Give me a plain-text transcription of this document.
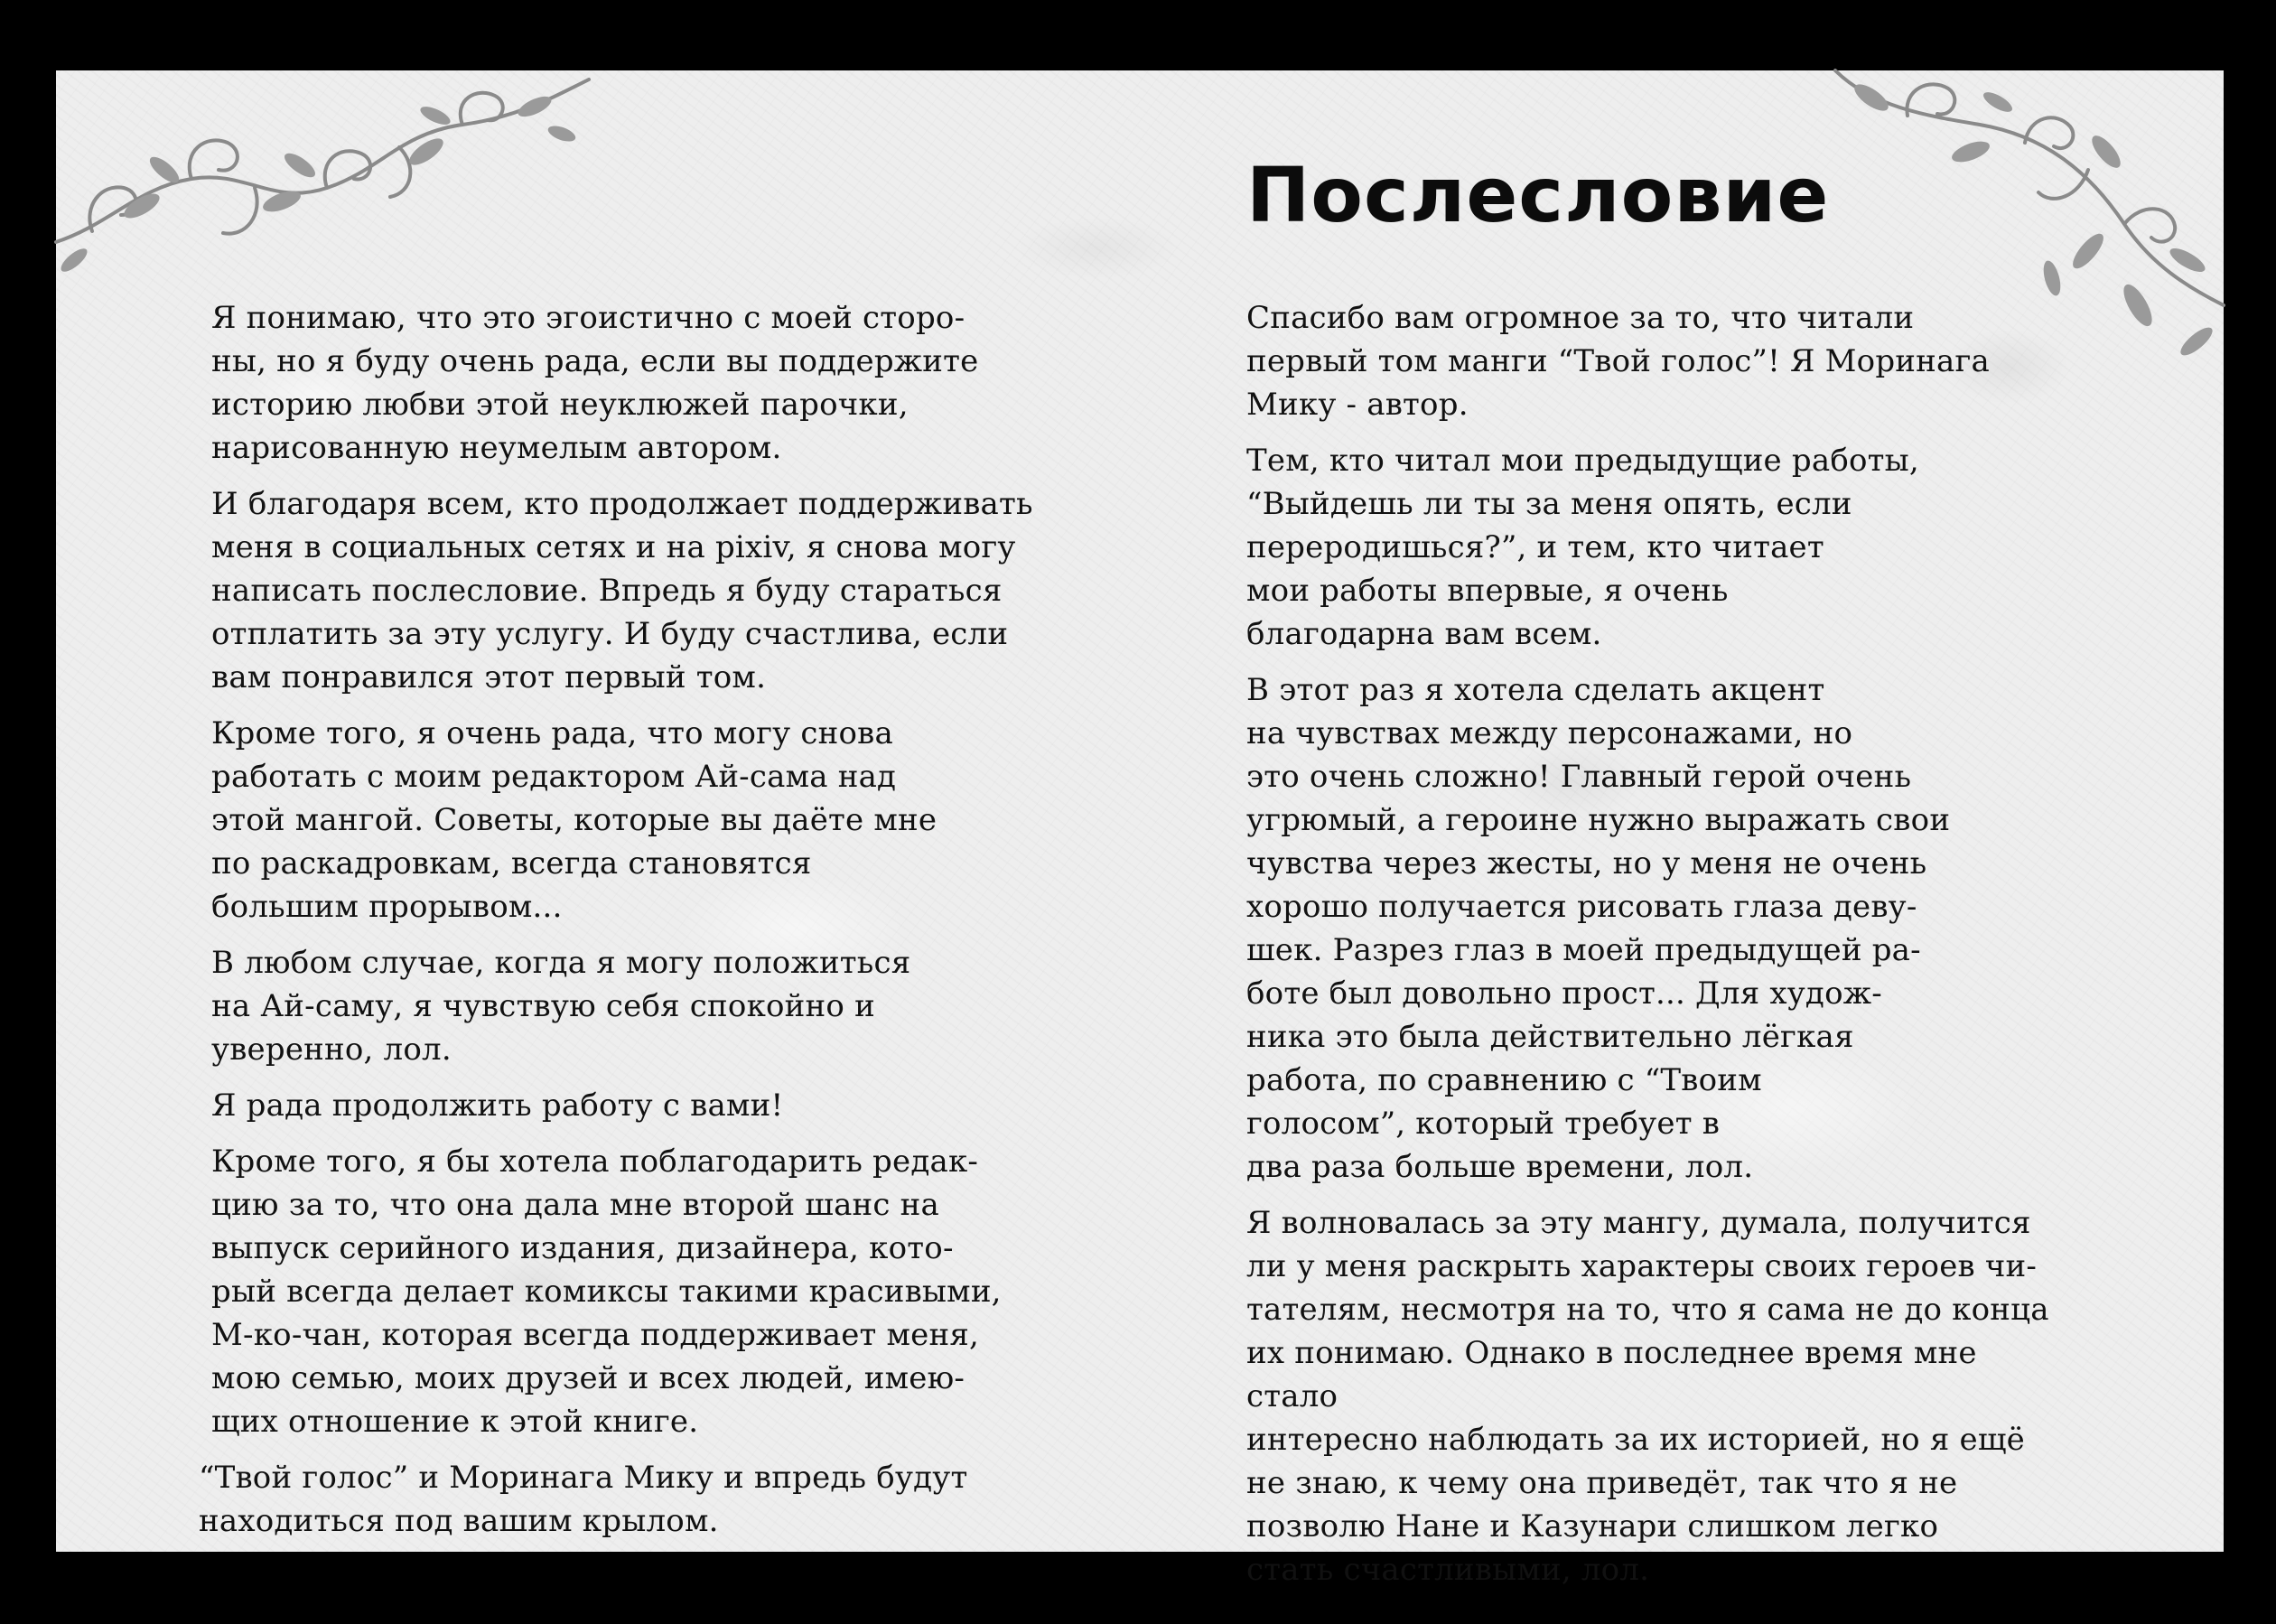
Я понимаю, что это эгоистично с моей сторо-
ны, но я буду очень рада, если вы поддержите
историю любви этой неуклюжей парочки,
нарисованную неумелым автором.

И благодаря всем, кто продолжает поддерживать
меня в социальных сетях и на pixiv, я снова могу
написать послесловие. Впредь я буду стараться
отплатить за эту услугу. И буду счастлива, если
вам понравился этот первый том.

Кроме того, я очень рада, что могу снова
работать с моим редактором Ай-сама над
этой мангой. Советы, которые вы даёте мне
по раскадровкам, всегда становятся
большим прорывом...

В любом случае, когда я могу положиться
на Ай-саму, я чувствую себя спокойно и
уверенно, лол.

Я рада продолжить работу с вами!

Кроме того, я бы хотела поблагодарить редак-
цию за то, что она дала мне второй шанс на
выпуск серийного издания, дизайнера, кото-
рый всегда делает комиксы такими красивыми,
М-ко-чан, которая всегда поддерживает меня,
мою семью, моих друзей и всех людей, имею-
щих отношение к этой книге.

“Твой голос” и Моринага Мику и впредь будут
находиться под вашим крылом.

Послесловие

Спасибо вам огромное за то, что читали
первый том манги “Твой голос”! Я Моринага
Мику - автор.

Тем, кто читал мои предыдущие работы,
“Выйдешь ли ты за меня опять, если
переродишься?”, и тем, кто читает
мои работы впервые, я очень
благодарна вам всем.

В этот раз я хотела сделать акцент
на чувствах между персонажами, но
это очень сложно! Главный герой очень
угрюмый, а героине нужно выражать свои
чувства через жесты, но у меня не очень
хорошо получается рисовать глаза деву-
шек. Разрез глаз в моей предыдущей ра-
боте был довольно прост... Для худож-
ника это была действительно лёгкая
работа, по сравнению с “Твоим
голосом”, который требует в
два раза больше времени, лол.

Я волновалась за эту мангу, думала, получится
ли у меня раскрыть характеры своих героев чи-
тателям, несмотря на то, что я сама не до конца
их понимаю. Однако в последнее время мне стало
интересно наблюдать за их историей, но я ещё
не знаю, к чему она приведёт, так что я не
позволю Нане и Казунари слишком легко
стать счастливыми, лол.
